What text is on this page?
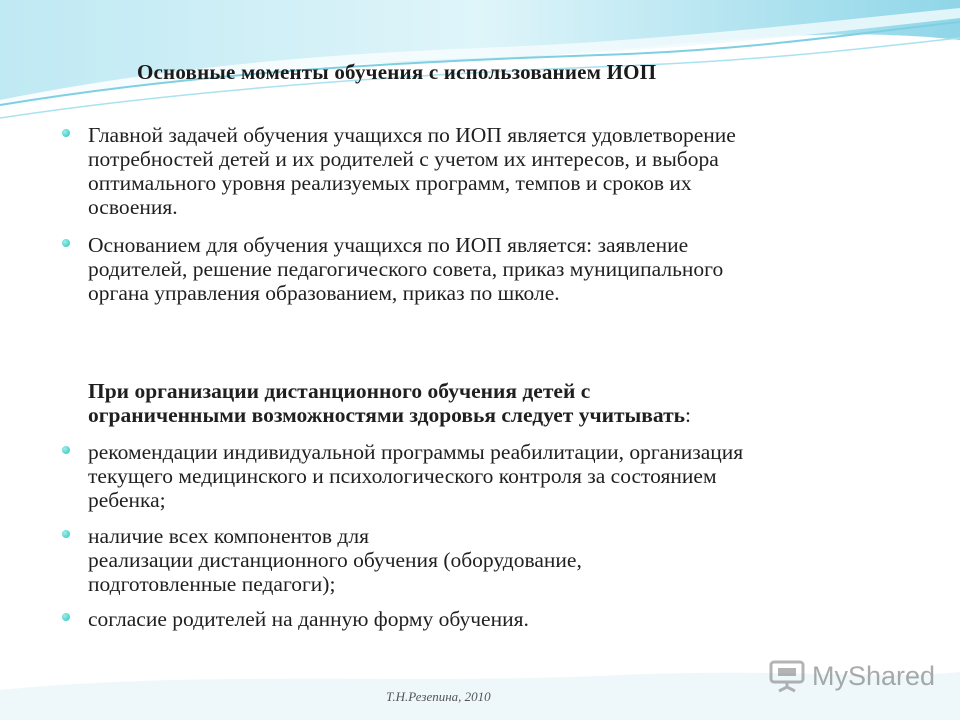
Основные моменты обучения с использованием ИОП
Главной задачей обучения учащихся по ИОП является удовлетворение
потребностей детей и их родителей с учетом их интересов, и выбора
оптимального уровня реализуемых программ, темпов и сроков их
освоения.
Основанием для обучения учащихся по ИОП является: заявление
родителей, решение педагогического совета, приказ муниципального
органа управления образованием, приказ по школе.
При организации дистанционного обучения детей с
ограниченными возможностями здоровья следует учитывать:
рекомендации индивидуальной программы реабилитации, организация
текущего медицинского и психологического контроля за состоянием
ребенка;
наличие всех компонентов для
реализации дистанционного обучения (оборудование,
подготовленные педагоги);
согласие родителей на данную форму обучения.
Т.Н.Резепина, 2010
MyShared
